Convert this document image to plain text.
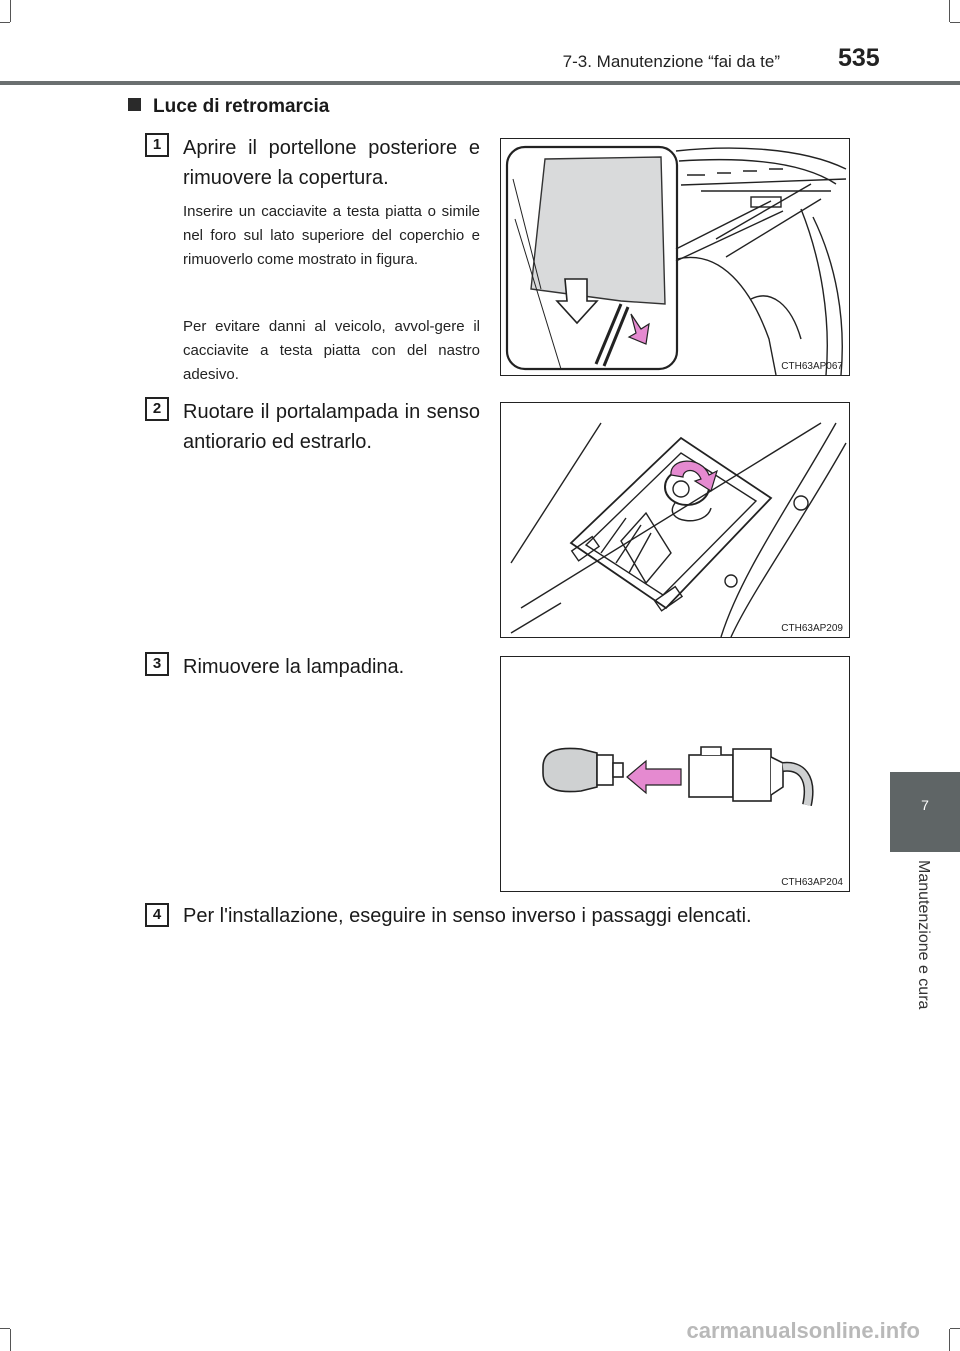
7-3. Manutenzione “fai da te” 535
7
Manutenzione e cura
Luce di retromarcia
1	Aprire il portellone posteriore e rimuovere la copertura.
Inserire un cacciavite a testa piatta o simile nel foro sul lato superiore del coperchio e rimuoverlo come mostrato in figura.
Per evitare danni al veicolo, avvol-gere il cacciavite a testa piatta con del nastro adesivo.	CTH63AP067
2	Ruotare il portalampada in senso antiorario ed estrarlo.
CTH63AP209
3	Rimuovere la lampadina.
CTH63AP204
4	Per l'installazione, eseguire in senso inverso i passaggi elencati.
carmanualsonline.info
